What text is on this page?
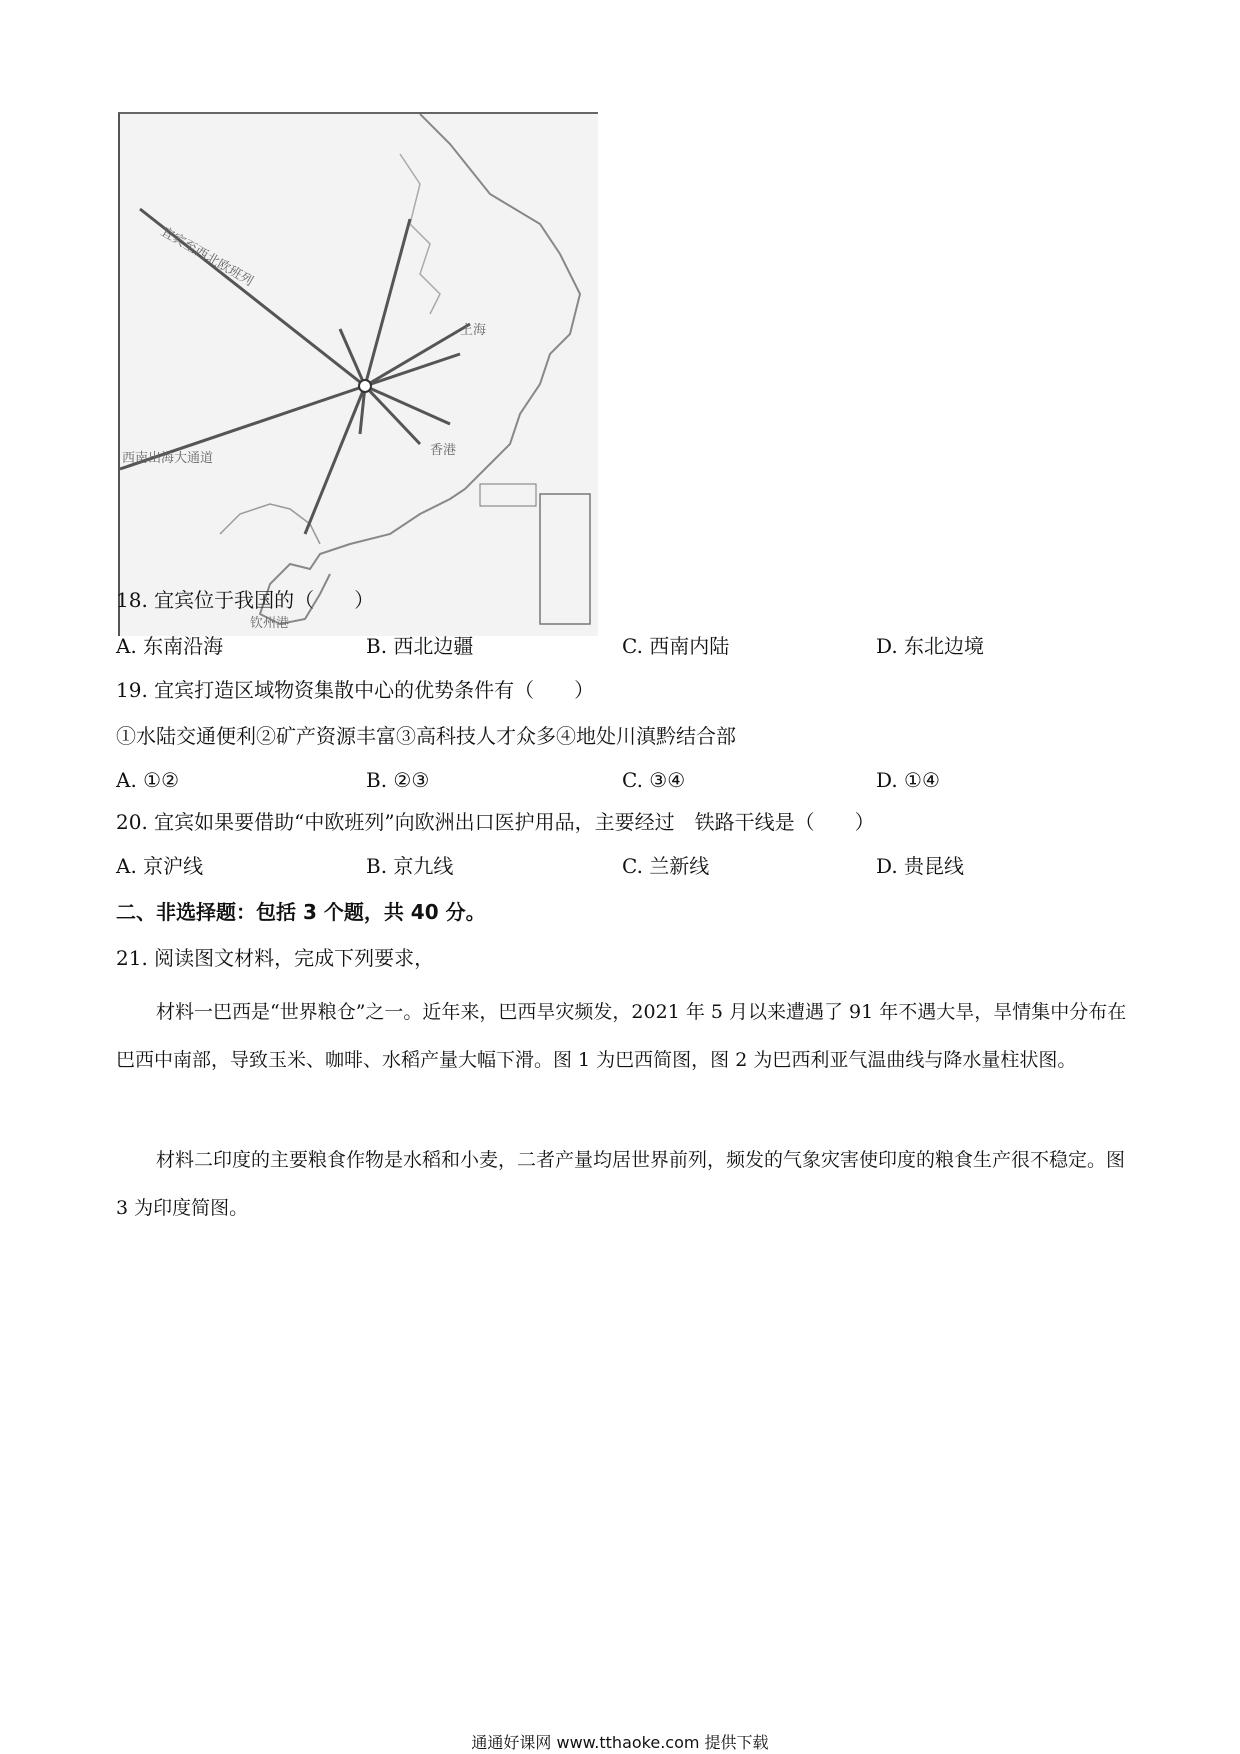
宜宾至西北欧班列
西南出海大通道
钦州港
香港
上海
18. 宜宾位于我国的（　　）
A. 东南沿海	B. 西北边疆	C. 西南内陆	D. 东北边境
19. 宜宾打造区域物资集散中心的优势条件有（　　）
①水陆交通便利②矿产资源丰富③高科技人才众多④地处川滇黔结合部
A. ①②	B. ②③	C. ③④	D. ①④
20. 宜宾如果要借助“中欧班列”向欧洲出口医护用品，主要经过　铁路干线是（　　）
A. 京沪线	B. 京九线	C. 兰新线	D. 贵昆线
二、非选择题：包括 3 个题，共 40 分。
21. 阅读图文材料，完成下列要求，
材料一巴西是“世界粮仓”之一。近年来，巴西旱灾频发，2021 年 5 月以来遭遇了 91 年不遇大旱，旱情集中分布在巴西中南部，导致玉米、咖啡、水稻产量大幅下滑。图 1 为巴西简图，图 2 为巴西利亚气温曲线与降水量柱状图。
材料二印度的主要粮食作物是水稻和小麦，二者产量均居世界前列，频发的气象灾害使印度的粮食生产很不稳定。图 3 为印度简图。
通通好课网 www.tthaoke.com 提供下载
